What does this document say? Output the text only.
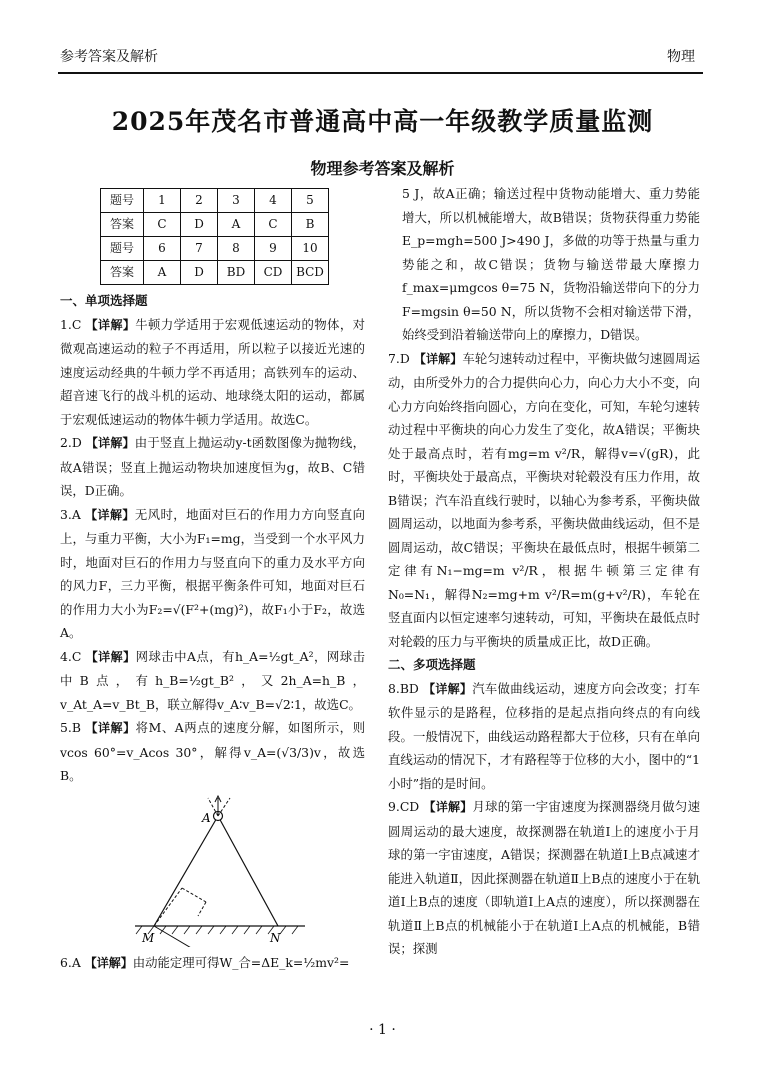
参考答案及解析	物理
2025年茂名市普通高中高一年级教学质量监测
物理参考答案及解析
题号	1	2	3	4	5
答案	C	D	A	C	B
题号	6	7	8	9	10
答案	A	D	BD	CD	BCD

一、单项选择题

1.C 【详解】牛顿力学适用于宏观低速运动的物体，对微观高速运动的粒子不再适用，所以粒子以接近光速的速度运动经典的牛顿力学不再适用；高铁列车的运动、超音速飞行的战斗机的运动、地球绕太阳的运动，都属于宏观低速运动的物体牛顿力学适用。故选C。

2.D 【详解】由于竖直上抛运动y-t函数图像为抛物线，故A错误；竖直上抛运动物块加速度恒为g，故B、C错误，D正确。

3.A 【详解】无风时，地面对巨石的作用力方向竖直向上，与重力平衡，大小为F₁=mg，当受到一个水平风力时，地面对巨石的作用力与竖直向下的重力及水平方向的风力F，三力平衡，根据平衡条件可知，地面对巨石的作用力大小为F₂=√(F²+(mg)²)，故F₁小于F₂，故选A。

4.C 【详解】网球击中A点，有h_A=½gt_A²，网球击中B点，有h_B=½gt_B²，又2h_A=h_B，v_At_A=v_Bt_B，联立解得v_A∶v_B=√2∶1，故选C。

5.B 【详解】将M、A两点的速度分解，如图所示，则vcos 60°=v_Acos 30°，解得v_A=(√3/3)v，故选B。

A
M	N

6.A 【详解】由动能定理可得W_合=ΔE_k=½mv²=

5 J，故A正确；输送过程中货物动能增大、重力势能增大，所以机械能增大，故B错误；货物获得重力势能E_p=mgh=500 J>490 J，多做的功等于热量与重力势能之和，故C错误；货物与输送带最大摩擦力f_max=μmgcos θ=75 N，货物沿输送带向下的分力F=mgsin θ=50 N，所以货物不会相对输送带下滑，始终受到沿着输送带向上的摩擦力，D错误。

7.D 【详解】车轮匀速转动过程中，平衡块做匀速圆周运动，由所受外力的合力提供向心力，向心力大小不变，向心力方向始终指向圆心，方向在变化，可知，车轮匀速转动过程中平衡块的向心力发生了变化，故A错误；平衡块处于最高点时，若有mg=m v²/R，解得v=√(gR)，此时，平衡块处于最高点，平衡块对轮毂没有压力作用，故B错误；汽车沿直线行驶时，以轴心为参考系，平衡块做圆周运动，以地面为参考系，平衡块做曲线运动，但不是圆周运动，故C错误；平衡块在最低点时，根据牛顿第二定律有N₁−mg=m v²/R，根据牛顿第三定律有N₀=N₁，解得N₂=mg+m v²/R=m(g+v²/R)，车轮在竖直面内以恒定速率匀速转动，可知，平衡块在最低点时对轮毂的压力与平衡块的质量成正比，故D正确。

二、多项选择题

8.BD 【详解】汽车做曲线运动，速度方向会改变；打车软件显示的是路程，位移指的是起点指向终点的有向线段。一般情况下，曲线运动路程都大于位移，只有在单向直线运动的情况下，才有路程等于位移的大小，图中的“1小时”指的是时间。

9.CD 【详解】月球的第一宇宙速度为探测器绕月做匀速圆周运动的最大速度，故探测器在轨道Ⅰ上的速度小于月球的第一宇宙速度，A错误；探测器在轨道Ⅰ上B点减速才能进入轨道Ⅱ，因此探测器在轨道Ⅱ上B点的速度小于在轨道Ⅰ上B点的速度（即轨道Ⅰ上A点的速度），所以探测器在轨道Ⅱ上B点的机械能小于在轨道Ⅰ上A点的机械能，B错误；探测

· 1 ·
